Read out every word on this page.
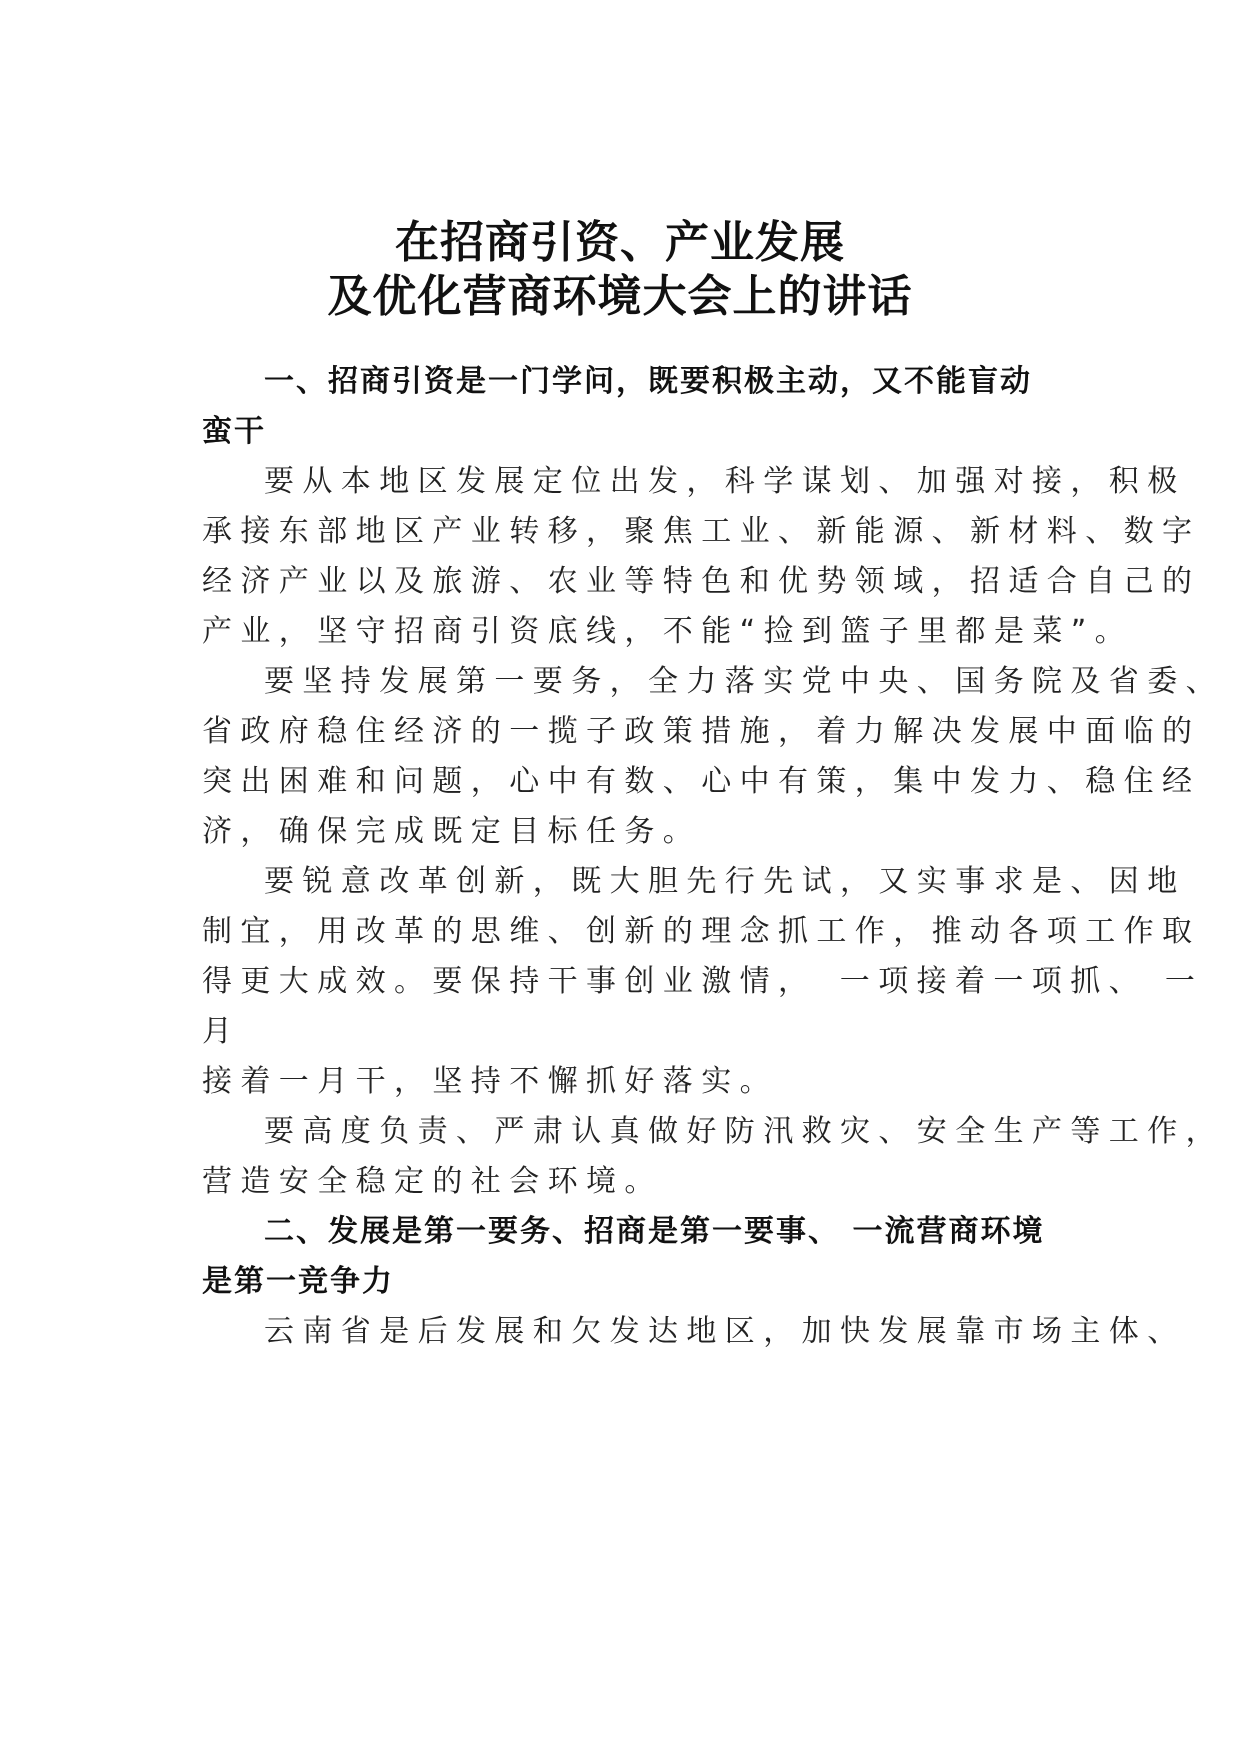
在招商引资、产业发展
及优化营商环境大会上的讲话
一、招商引资是一门学问，既要积极主动，又不能盲动
蛮干
要从本地区发展定位出发，科学谋划、加强对接，积极
承接东部地区产业转移，聚焦工业、新能源、新材料、数字
经济产业以及旅游、农业等特色和优势领域，招适合自己的
产业，坚守招商引资底线，不能“捡到篮子里都是菜”。
要坚持发展第一要务，全力落实党中央、国务院及省委、
省政府稳住经济的一揽子政策措施，着力解决发展中面临的
突出困难和问题，心中有数、心中有策，集中发力、稳住经
济，确保完成既定目标任务。
要锐意改革创新，既大胆先行先试，又实事求是、因地
制宜，用改革的思维、创新的理念抓工作，推动各项工作取
得更大成效。要保持干事创业激情，　一项接着一项抓、 一
月
接着一月干，坚持不懈抓好落实。
要高度负责、严肃认真做好防汛救灾、安全生产等工作，
营造安全稳定的社会环境。
二、发展是第一要务、招商是第一要事、 一流营商环境
是第一竞争力
云南省是后发展和欠发达地区，加快发展靠市场主体、
